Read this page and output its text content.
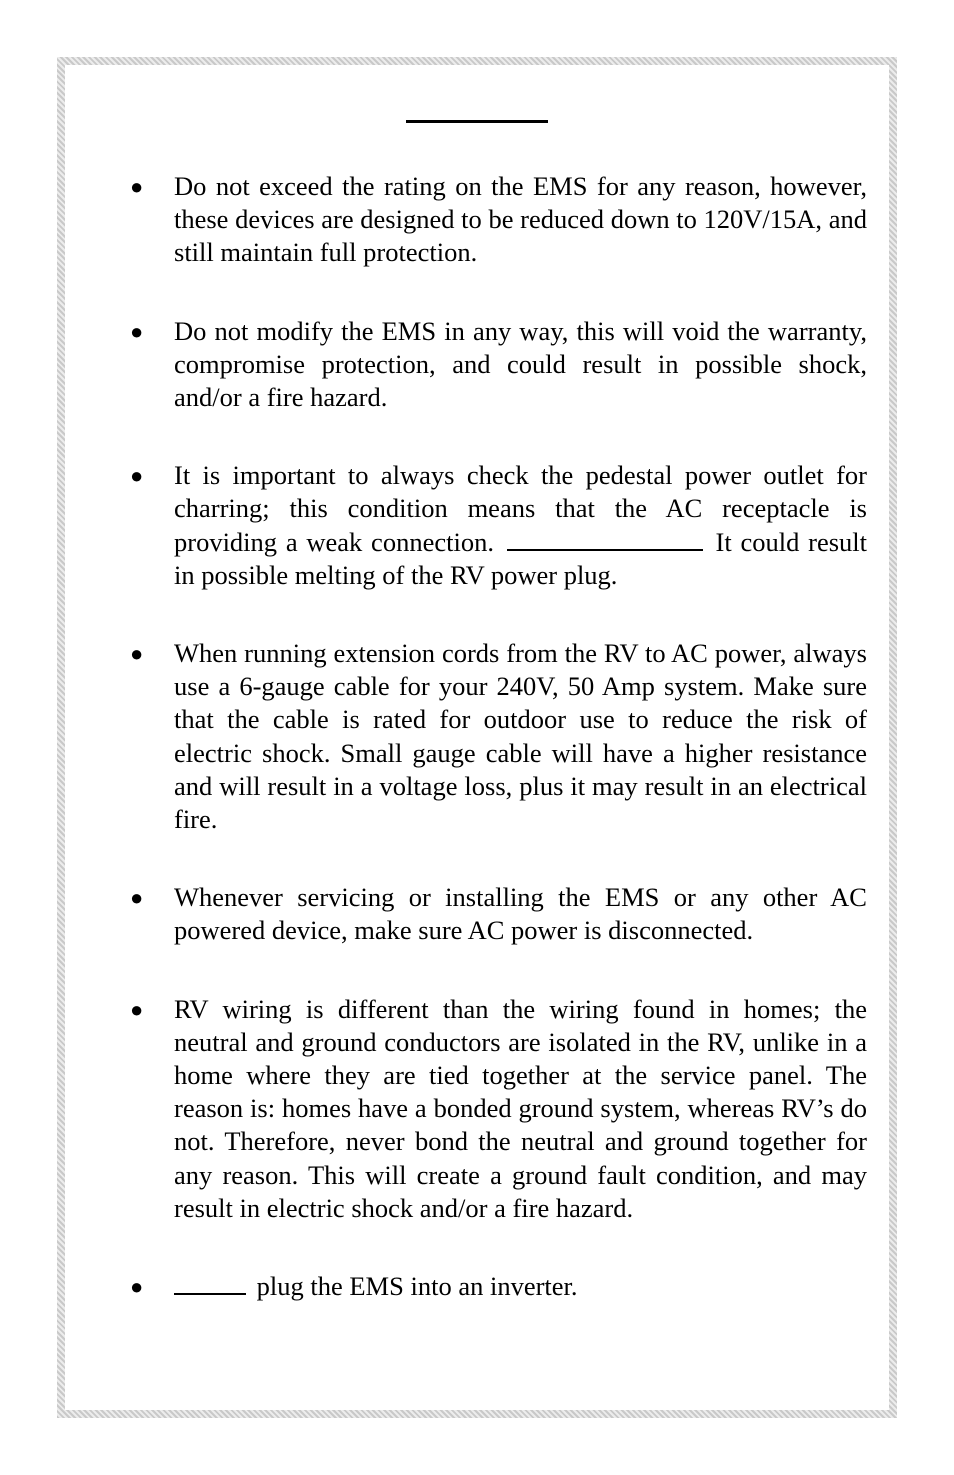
● Do not exceed the rating on the EMS for any reason, however, these devices are designed to be reduced down to 120V/15A, and still maintain full protection.
● Do not modify the EMS in any way, this will void the warranty, compromise protection, and could result in possible shock, and/or a fire hazard.
● It is important to always check the pedestal power outlet for charring; this condition means that the AC receptacle is providing a weak connection.	It could result in possible melting of the RV power plug.
● When running extension cords from the RV to AC power, always use a 6-gauge cable for your 240V, 50 Amp system. Make sure that the cable is rated for outdoor use to reduce the risk of electric shock. Small gauge cable will have a higher resistance and will result in a voltage loss, plus it may result in an electrical fire.
● Whenever servicing or installing the EMS or any other AC powered device, make sure AC power is disconnected.
● RV wiring is different than the wiring found in homes; the neutral and ground conductors are isolated in the RV, unlike in a home where they are tied together at the service panel. The reason is: homes have a bonded ground system, whereas RV’s do not. Therefore, never bond the neutral and ground together for any reason. This will create a ground fault condition, and may result in electric shock and/or a fire hazard.
●	plug the EMS into an inverter.
